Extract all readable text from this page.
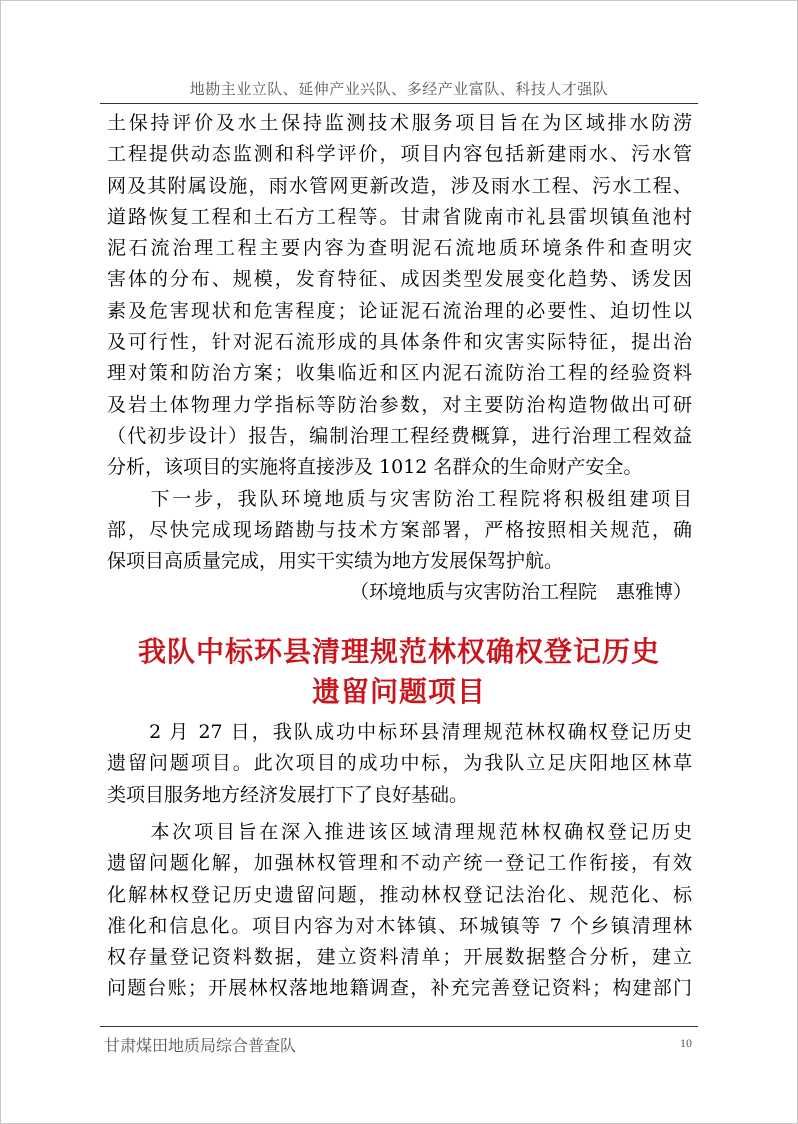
地勘主业立队、延伸产业兴队、多经产业富队、科技人才强队
土保持评价及水土保持监测技术服务项目旨在为区域排水防涝
工程提供动态监测和科学评价，项目内容包括新建雨水、污水管
网及其附属设施，雨水管网更新改造，涉及雨水工程、污水工程、
道路恢复工程和土石方工程等。甘肃省陇南市礼县雷坝镇鱼池村
泥石流治理工程主要内容为查明泥石流地质环境条件和查明灾
害体的分布、规模，发育特征、成因类型发展变化趋势、诱发因
素及危害现状和危害程度；论证泥石流治理的必要性、迫切性以
及可行性，针对泥石流形成的具体条件和灾害实际特征，提出治
理对策和防治方案；收集临近和区内泥石流防治工程的经验资料
及岩土体物理力学指标等防治参数，对主要防治构造物做出可研
（代初步设计）报告，编制治理工程经费概算，进行治理工程效益
分析，该项目的实施将直接涉及 1012 名群众的生命财产安全。
　　下一步，我队环境地质与灾害防治工程院将积极组建项目
部，尽快完成现场踏勘与技术方案部署，严格按照相关规范，确
保项目高质量完成，用实干实绩为地方发展保驾护航。
（环境地质与灾害防治工程院　惠雅博）
我队中标环县清理规范林权确权登记历史
遗留问题项目
　　2 月 27 日，我队成功中标环县清理规范林权确权登记历史
遗留问题项目。此次项目的成功中标，为我队立足庆阳地区林草
类项目服务地方经济发展打下了良好基础。
　　本次项目旨在深入推进该区域清理规范林权确权登记历史
遗留问题化解，加强林权管理和不动产统一登记工作衔接，有效
化解林权登记历史遗留问题，推动林权登记法治化、规范化、标
准化和信息化。项目内容为对木钵镇、环城镇等 7 个乡镇清理林
权存量登记资料数据，建立资料清单；开展数据整合分析，建立
问题台账；开展林权落地地籍调查，补充完善登记资料；构建部门
甘肃煤田地质局综合普查队	10
